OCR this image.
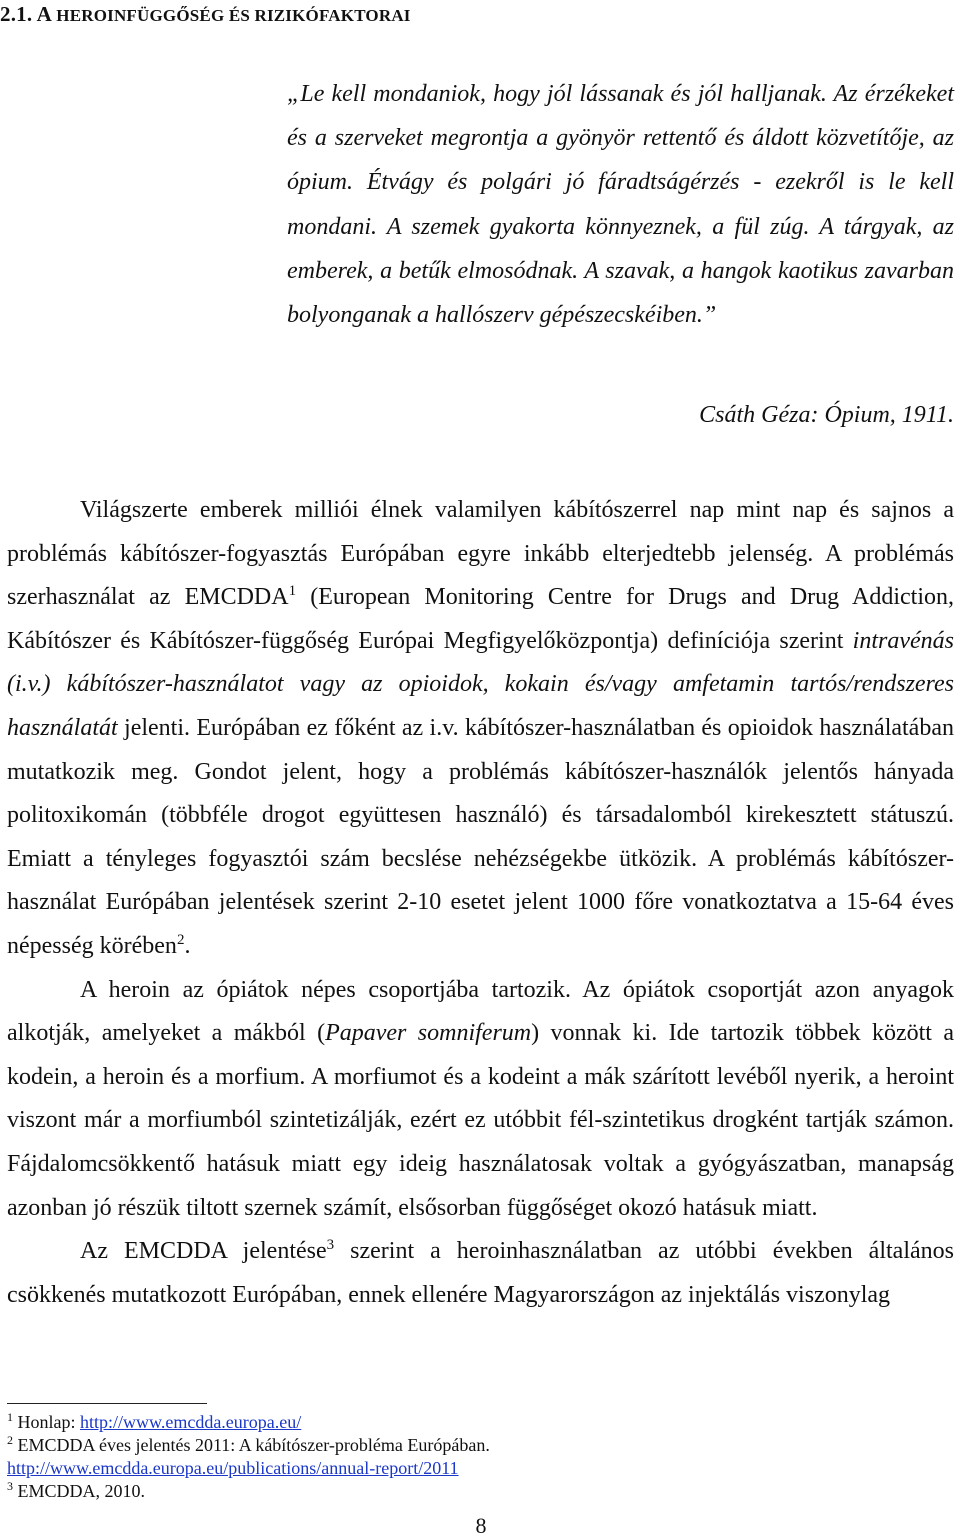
2.1. A HEROINFÜGGŐSÉG ÉS RIZIKÓFAKTORAI
„Le kell mondaniok, hogy jól lássanak és jól halljanak. Az érzékeket és a szerveket megrontja a gyönyör rettentő és áldott közvetítője, az ópium. Étvágy és polgári jó fáradtságérzés - ezekről is le kell mondani. A szemek gyakorta könnyeznek, a fül zúg. A tárgyak, az emberek, a betűk elmosódnak. A szavak, a hangok kaotikus zavarban bolyonganak a hallószerv gépészecskéiben.”
Csáth Géza: Ópium, 1911.

Világszerte emberek milliói élnek valamilyen kábítószerrel nap mint nap és sajnos a problémás kábítószer-fogyasztás Európában egyre inkább elterjedtebb jelenség. A problémás szerhasználat az EMCDDA$^1$ (European Monitoring Centre for Drugs and Drug Addiction, Kábítószer és Kábítószer-függőség Európai Megfigyelőközpontja) definíciója szerint intravénás (i.v.) kábítószer-használatot vagy az opioidok, kokain és/vagy amfetamin tartós/rendszeres használatát jelenti. Európában ez főként az i.v. kábítószer-használatban és opioidok használatában mutatkozik meg. Gondot jelent, hogy a problémás kábítószer-használók jelentős hányada politoxikomán (többféle drogot együttesen használó) és társadalomból kirekesztett státuszú. Emiatt a tényleges fogyasztói szám becslése nehézségekbe ütközik. A problémás kábítószer-használat Európában jelentések szerint 2-10 esetet jelent 1000 főre vonatkoztatva a 15-64 éves népesség körében$^2$.

A heroin az ópiátok népes csoportjába tartozik. Az ópiátok csoportját azon anyagok alkotják, amelyeket a mákból (Papaver somniferum) vonnak ki. Ide tartozik többek között a kodein, a heroin és a morfium. A morfiumot és a kodeint a mák szárított levéből nyerik, a heroint viszont már a morfiumból szintetizálják, ezért ez utóbbit fél-szintetikus drogként tartják számon. Fájdalomcsökkentő hatásuk miatt egy ideig használatosak voltak a gyógyászatban, manapság azonban jó részük tiltott szernek számít, elsősorban függőséget okozó hatásuk miatt.

Az EMCDDA jelentése$^3$ szerint a heroinhasználatban az utóbbi években általános csökkenés mutatkozott Európában, ennek ellenére Magyarországon az injektálás viszonylag

$^1$ Honlap: http://www.emcdda.europa.eu/
$^2$ EMCDDA éves jelentés 2011: A kábítószer-probléma Európában.
http://www.emcdda.europa.eu/publications/annual-report/2011
$^3$ EMCDDA, 2010.
8
